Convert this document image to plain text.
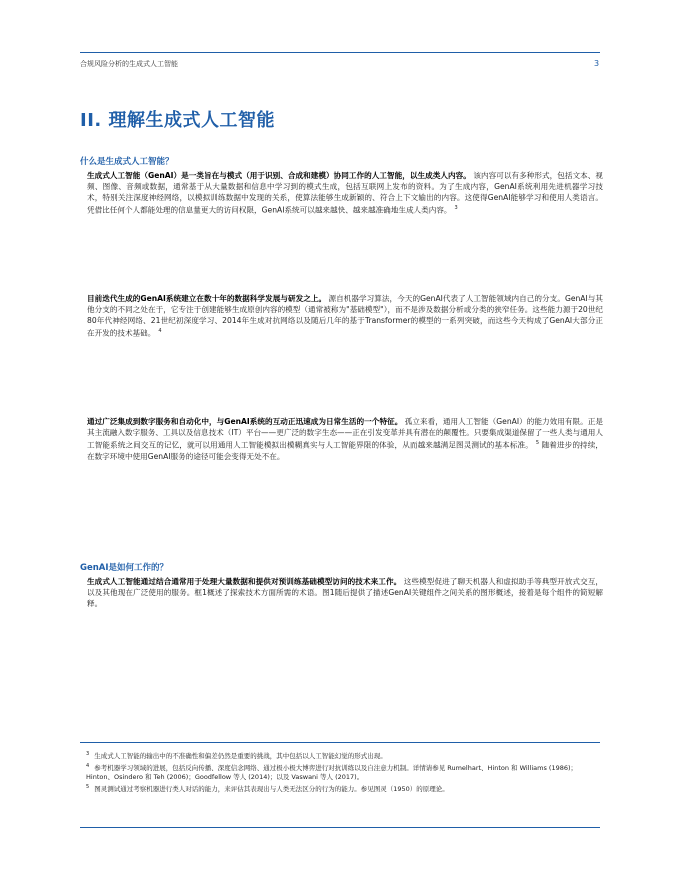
合规风险分析的生成式人工智能	3
II. 理解生成式人工智能
什么是生成式人工智能？
生成式人工智能（GenAI）是一类旨在与模式（用于识别、合成和建模）协同工作的人工智能，以生成类人内容。 该内容可以有多种形式，包括文本、视频、图像、音频或数据，通常基于从大量数据和信息中学习到的模式生成，包括互联网上发布的资料。为了生成内容，GenAI系统利用先进机器学习技术，特别关注深度神经网络，以模拟训练数据中发现的关系，使算法能够生成新颖的、符合上下文输出的内容。这使得GenAI能够学习和使用人类语言。凭借比任何个人都能处理的信息量更大的访问权限，GenAI系统可以越来越快、越来越准确地生成人类内容。 $^3$
目前迭代生成的GenAI系统建立在数十年的数据科学发展与研发之上。 源自机器学习算法，今天的GenAI代表了人工智能领域内自己的分支。GenAI与其他分支的不同之处在于，它专注于创建能够生成原创内容的模型（通常被称为"基础模型"），而不是涉及数据分析或分类的狭窄任务。这些能力源于20世纪80年代神经网络、21世纪初深度学习、2014年生成对抗网络以及随后几年的基于Transformer的模型的一系列突破，而这些今天构成了GenAI大部分正在开发的技术基础。 $^4$
通过广泛集成到数字服务和自动化中，与GenAI系统的互动正迅速成为日常生活的一个特征。 孤立来看，通用人工智能（GenAI）的能力效用有限。正是其主流融入数字服务、工具以及信息技术（IT）平台——更广泛的数字生态——正在引发变革并具有潜在的颠覆性。只要集成渠道保留了一些人类与通用人工智能系统之间交互的记忆，就可以用通用人工智能模拟出模糊真实与人工智能界限的体验，从而越来越满足图灵测试的基本标准。 $^5$ 随着进步的持续，在数字环境中使用GenAI服务的途径可能会变得无处不在。
GenAI是如何工作的？
生成式人工智能通过结合通常用于处理大量数据和提供对预训练基础模型访问的技术来工作。 这些模型促进了聊天机器人和虚拟助手等典型开放式交互，以及其他现在广泛使用的服务。框1概述了探索技术方面所需的术语。图1随后提供了描述GenAI关键组件之间关系的图形概述，接着是每个组件的简短解释。
$^3$ 生成式人工智能的输出中的不准确性和偏差仍然是重要的挑战，其中包括以人工智能幻觉的形式出现。
$^4$ 参考机器学习领域的进展，包括反向传播、深度信念网络、通过极小极大博弈进行对抗训练以及自注意力机制。详情请参见 Rumelhart、Hinton 和 Williams (1986)；Hinton、Osindero 和 Teh (2006)；Goodfellow 等人 (2014)；以及 Vaswani 等人 (2017)。
$^5$ 图灵测试通过考察机器进行类人对话的能力，来评估其表现出与人类无法区分的行为的能力。参见图灵（1950）的原理论。
